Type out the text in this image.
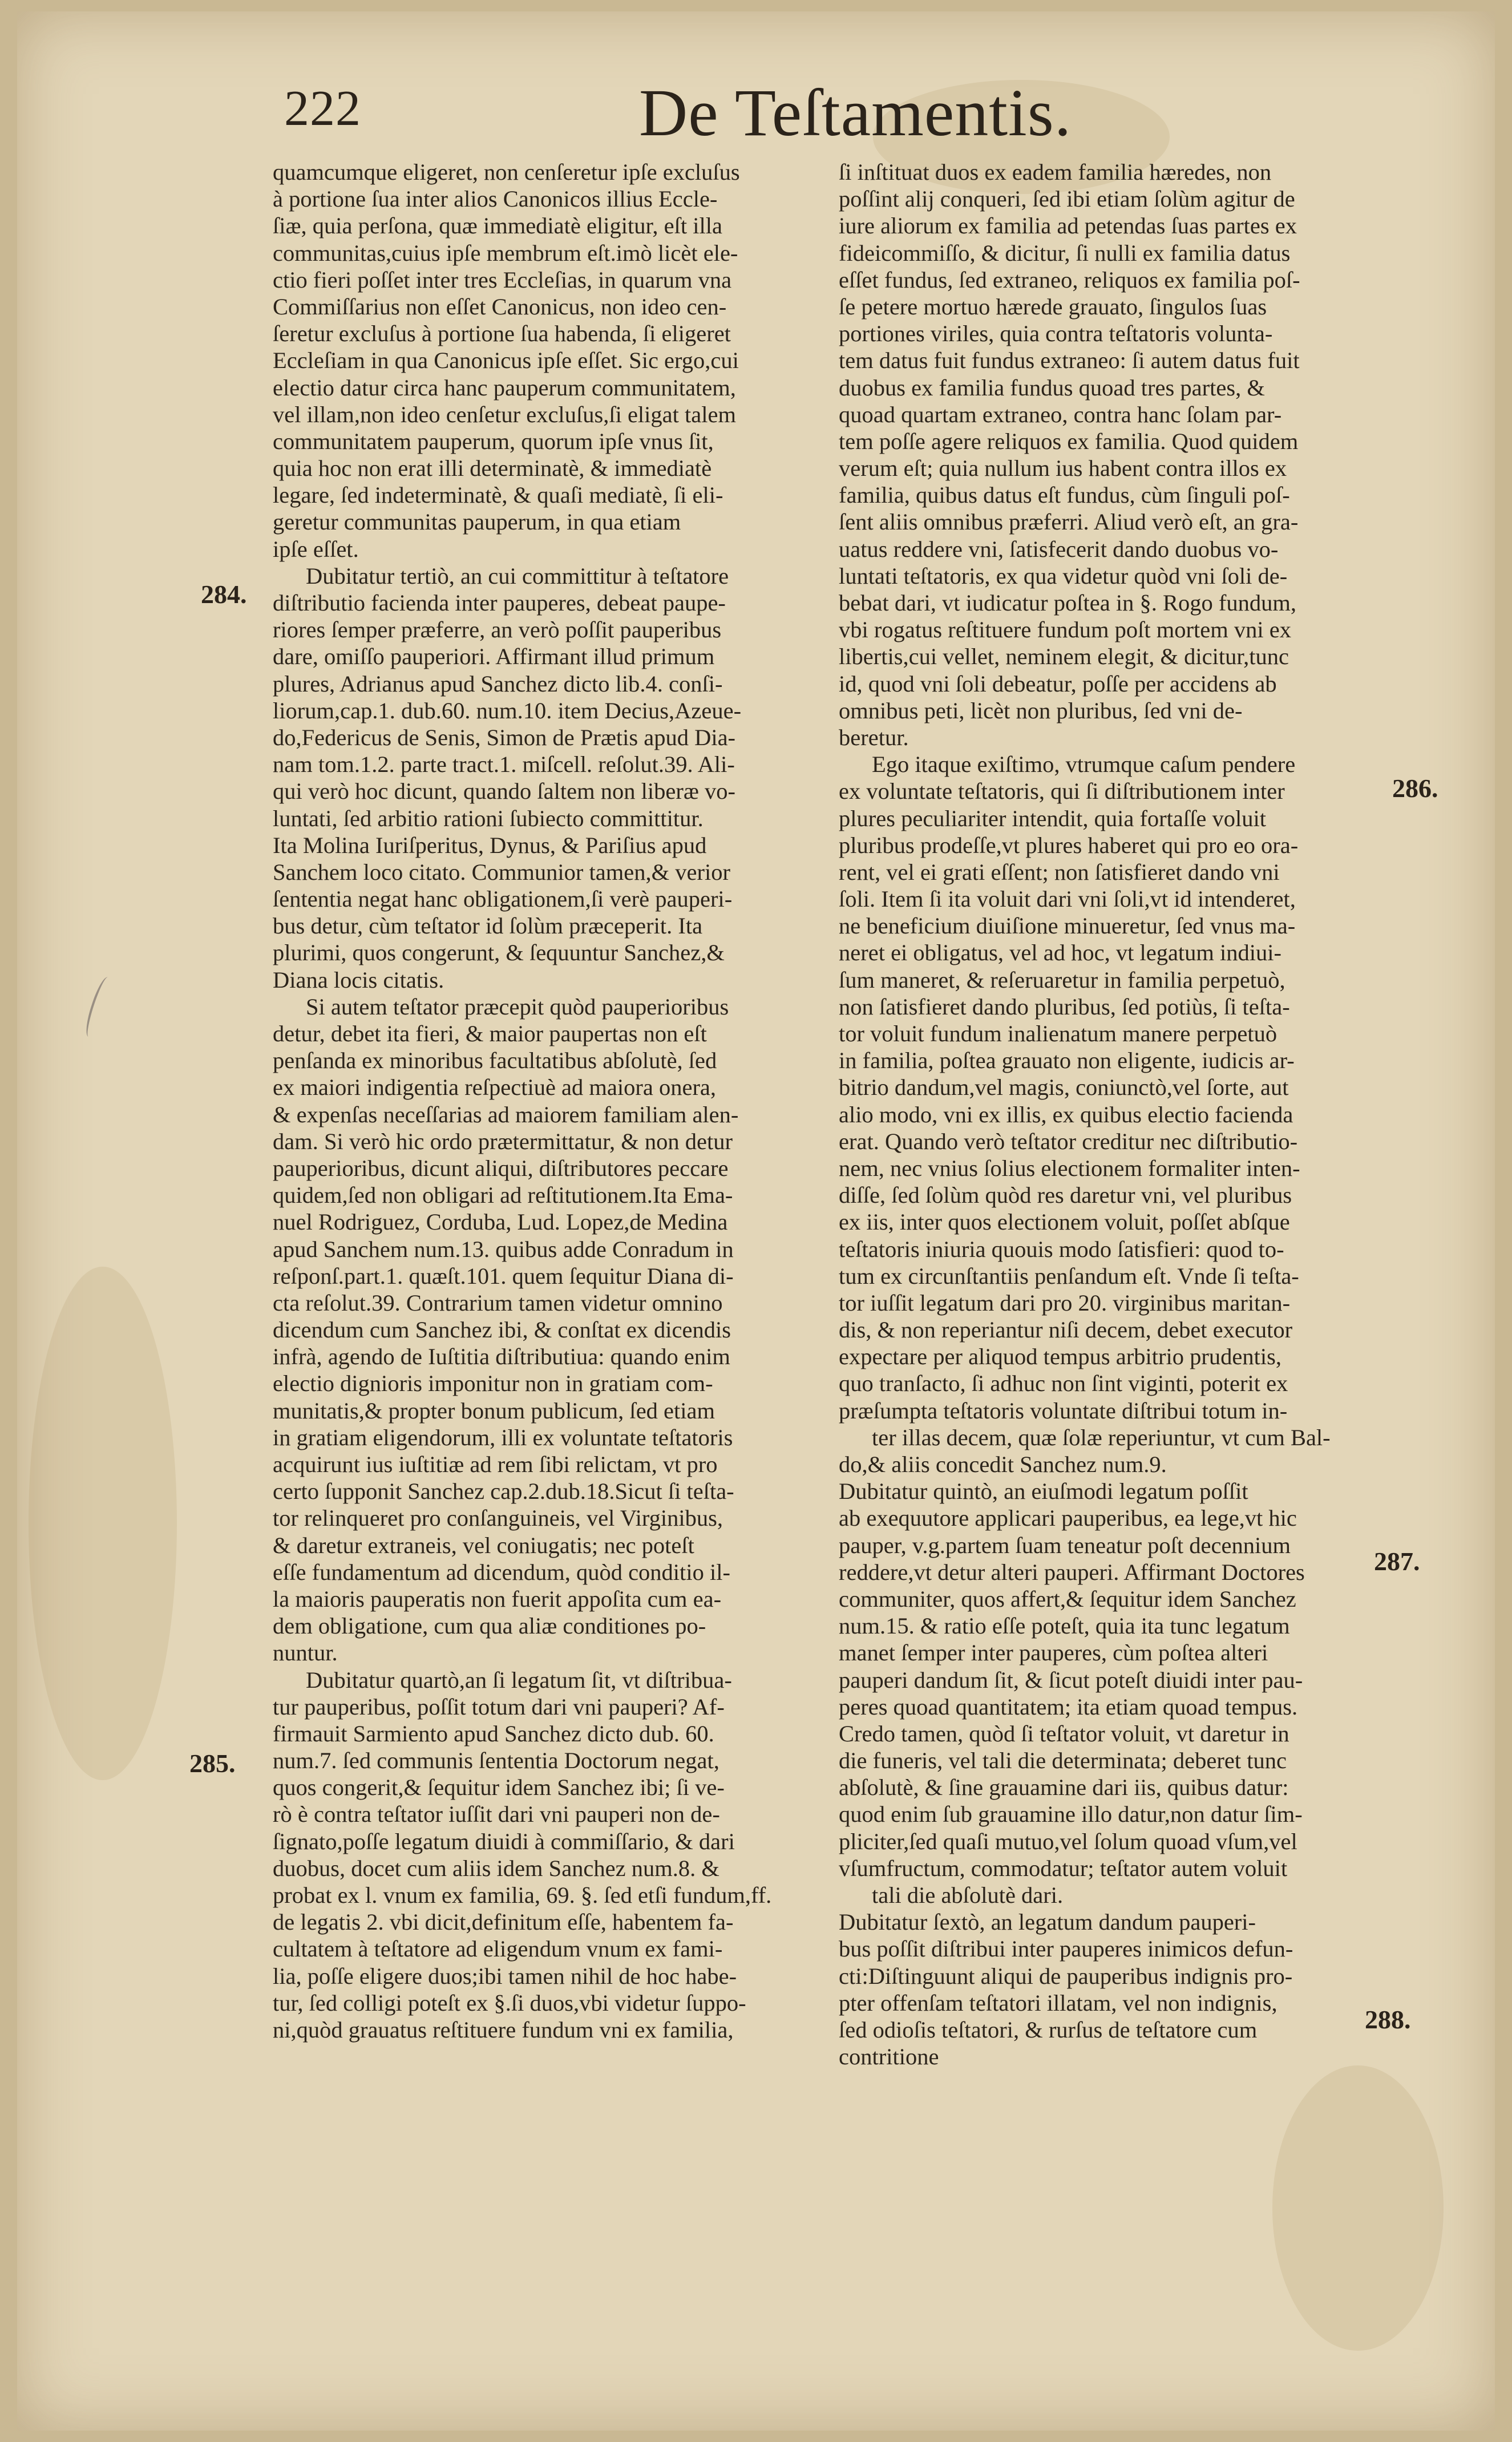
222	De Teſtamentis.
quamcumque eligeret, non cenſeretur ipſe excluſus
à portione ſua inter alios Canonicos illius Eccle-
ſiæ, quia perſona, quæ immediatè eligitur, eſt illa
communitas,cuius ipſe membrum eſt.imò licèt ele-
ctio fieri poſſet inter tres Eccleſias, in quarum vna
Commiſſarius non eſſet Canonicus, non ideo cen-
ſeretur excluſus à portione ſua habenda, ſi eligeret
Eccleſiam in qua Canonicus ipſe eſſet. Sic ergo,cui
electio datur circa hanc pauperum communitatem,
vel illam,non ideo cenſetur excluſus,ſi eligat talem
communitatem pauperum, quorum ipſe vnus ſit,
quia hoc non erat illi determinatè, & immediatè
legare, ſed indeterminatè, & quaſi mediatè, ſi eli-
geretur communitas pauperum, in qua etiam
ipſe eſſet.
Dubitatur tertiò, an cui committitur à teſtatore
diſtributio facienda inter pauperes, debeat paupe-
riores ſemper præferre, an verò poſſit pauperibus
dare, omiſſo pauperiori. Affirmant illud primum
plures, Adrianus apud Sanchez dicto lib.4. conſi-
liorum,cap.1. dub.60. num.10. item Decius,Azeue-
do,Federicus de Senis, Simon de Prætis apud Dia-
nam tom.1.2. parte tract.1. miſcell. reſolut.39. Ali-
qui verò hoc dicunt, quando ſaltem non liberæ vo-
luntati, ſed arbitio rationi ſubiecto committitur.
Ita Molina Iuriſperitus, Dynus, & Pariſius apud
Sanchem loco citato. Communior tamen,& verior
ſententia negat hanc obligationem,ſi verè pauperi-
bus detur, cùm teſtator id ſolùm præceperit. Ita
plurimi, quos congerunt, & ſequuntur Sanchez,&
Diana locis citatis.
Si autem teſtator præcepit quòd pauperioribus
detur, debet ita fieri, & maior paupertas non eſt
penſanda ex minoribus facultatibus abſolutè, ſed
ex maiori indigentia reſpectiuè ad maiora onera,
& expenſas neceſſarias ad maiorem familiam alen-
dam. Si verò hic ordo prætermittatur, & non detur
pauperioribus, dicunt aliqui, diſtributores peccare
quidem,ſed non obligari ad reſtitutionem.Ita Ema-
nuel Rodriguez, Corduba, Lud. Lopez,de Medina
apud Sanchem num.13. quibus adde Conradum in
reſponſ.part.1. quæſt.101. quem ſequitur Diana di-
cta reſolut.39. Contrarium tamen videtur omnino
dicendum cum Sanchez ibi, & conſtat ex dicendis
infrà, agendo de Iuſtitia diſtributiua: quando enim
electio dignioris imponitur non in gratiam com-
munitatis,& propter bonum publicum, ſed etiam
in gratiam eligendorum, illi ex voluntate teſtatoris
acquirunt ius iuſtitiæ ad rem ſibi relictam, vt pro
certo ſupponit Sanchez cap.2.dub.18.Sicut ſi teſta-
tor relinqueret pro conſanguineis, vel Virginibus,
& daretur extraneis, vel coniugatis; nec poteſt
eſſe fundamentum ad dicendum, quòd conditio il-
la maioris pauperatis non fuerit appoſita cum ea-
dem obligatione, cum qua aliæ conditiones po-
nuntur.
Dubitatur quartò,an ſi legatum ſit, vt diſtribua-
tur pauperibus, poſſit totum dari vni pauperi? Af-
firmauit Sarmiento apud Sanchez dicto dub. 60.
num.7. ſed communis ſententia Doctorum negat,
quos congerit,& ſequitur idem Sanchez ibi; ſi ve-
rò è contra teſtator iuſſit dari vni pauperi non de-
ſignato,poſſe legatum diuidi à commiſſario, & dari
duobus, docet cum aliis idem Sanchez num.8. &
probat ex l. vnum ex familia, 69. §. ſed etſi fundum,ff.
de legatis 2. vbi dicit,definitum eſſe, habentem fa-
cultatem à teſtatore ad eligendum vnum ex fami-
lia, poſſe eligere duos;ibi tamen nihil de hoc habe-
tur, ſed colligi poteſt ex §.ſi duos,vbi videtur ſuppo-
ni,quòd grauatus reſtituere fundum vni ex familia,
ſi inſtituat duos ex eadem familia hæredes, non
poſſint alij conqueri, ſed ibi etiam ſolùm agitur de
iure aliorum ex familia ad petendas ſuas partes ex
fideicommiſſo, & dicitur, ſi nulli ex familia datus
eſſet fundus, ſed extraneo, reliquos ex familia poſ-
ſe petere mortuo hærede grauato, ſingulos ſuas
portiones viriles, quia contra teſtatoris volunta-
tem datus fuit fundus extraneo: ſi autem datus fuit
duobus ex familia fundus quoad tres partes, &
quoad quartam extraneo, contra hanc ſolam par-
tem poſſe agere reliquos ex familia. Quod quidem
verum eſt; quia nullum ius habent contra illos ex
familia, quibus datus eſt fundus, cùm ſinguli poſ-
ſent aliis omnibus præferri. Aliud verò eſt, an gra-
uatus reddere vni, ſatisfecerit dando duobus vo-
luntati teſtatoris, ex qua videtur quòd vni ſoli de-
bebat dari, vt iudicatur poſtea in §. Rogo fundum,
vbi rogatus reſtituere fundum poſt mortem vni ex
libertis,cui vellet, neminem elegit, & dicitur,tunc
id, quod vni ſoli debeatur, poſſe per accidens ab
omnibus peti, licèt non pluribus, ſed vni de-
beretur.
Ego itaque exiſtimo, vtrumque caſum pendere
ex voluntate teſtatoris, qui ſi diſtributionem inter
plures peculiariter intendit, quia fortaſſe voluit
pluribus prodeſſe,vt plures haberet qui pro eo ora-
rent, vel ei grati eſſent; non ſatisfieret dando vni
ſoli. Item ſi ita voluit dari vni ſoli,vt id intenderet,
ne beneficium diuiſione minueretur, ſed vnus ma-
neret ei obligatus, vel ad hoc, vt legatum indiui-
ſum maneret, & reſeruaretur in familia perpetuò,
non ſatisfieret dando pluribus, ſed potiùs, ſi teſta-
tor voluit fundum inalienatum manere perpetuò
in familia, poſtea grauato non eligente, iudicis ar-
bitrio dandum,vel magis, coniunctò,vel ſorte, aut
alio modo, vni ex illis, ex quibus electio facienda
erat. Quando verò teſtator creditur nec diſtributio-
nem, nec vnius ſolius electionem formaliter inten-
diſſe, ſed ſolùm quòd res daretur vni, vel pluribus
ex iis, inter quos electionem voluit, poſſet abſque
teſtatoris iniuria quouis modo ſatisfieri: quod to-
tum ex circunſtantiis penſandum eſt. Vnde ſi teſta-
tor iuſſit legatum dari pro 20. virginibus maritan-
dis, & non reperiantur niſi decem, debet executor
expectare per aliquod tempus arbitrio prudentis,
quo tranſacto, ſi adhuc non ſint viginti, poterit ex
præſumpta teſtatoris voluntate diſtribui totum in-
ter illas decem, quæ ſolæ reperiuntur, vt cum Bal-
do,& aliis concedit Sanchez num.9.
Dubitatur quintò, an eiuſmodi legatum poſſit
ab exequutore applicari pauperibus, ea lege,vt hic
pauper, v.g.partem ſuam teneatur poſt decennium
reddere,vt detur alteri pauperi. Affirmant Doctores
communiter, quos affert,& ſequitur idem Sanchez
num.15. & ratio eſſe poteſt, quia ita tunc legatum
manet ſemper inter pauperes, cùm poſtea alteri
pauperi dandum ſit, & ſicut poteſt diuidi inter pau-
peres quoad quantitatem; ita etiam quoad tempus.
Credo tamen, quòd ſi teſtator voluit, vt daretur in
die funeris, vel tali die determinata; deberet tunc
abſolutè, & ſine grauamine dari iis, quibus datur:
quod enim ſub grauamine illo datur,non datur ſim-
pliciter,ſed quaſi mutuo,vel ſolum quoad vſum,vel
vſumfructum, commodatur; teſtator autem voluit
tali die abſolutè dari.
Dubitatur ſextò, an legatum dandum pauperi-
bus poſſit diſtribui inter pauperes inimicos defun-
cti:Diſtinguunt aliqui de pauperibus indignis pro-
pter offenſam teſtatori illatam, vel non indignis,
ſed odioſis teſtatori, & rurſus de teſtatore cum
contritione
284.
285.
286.
287.
288.
